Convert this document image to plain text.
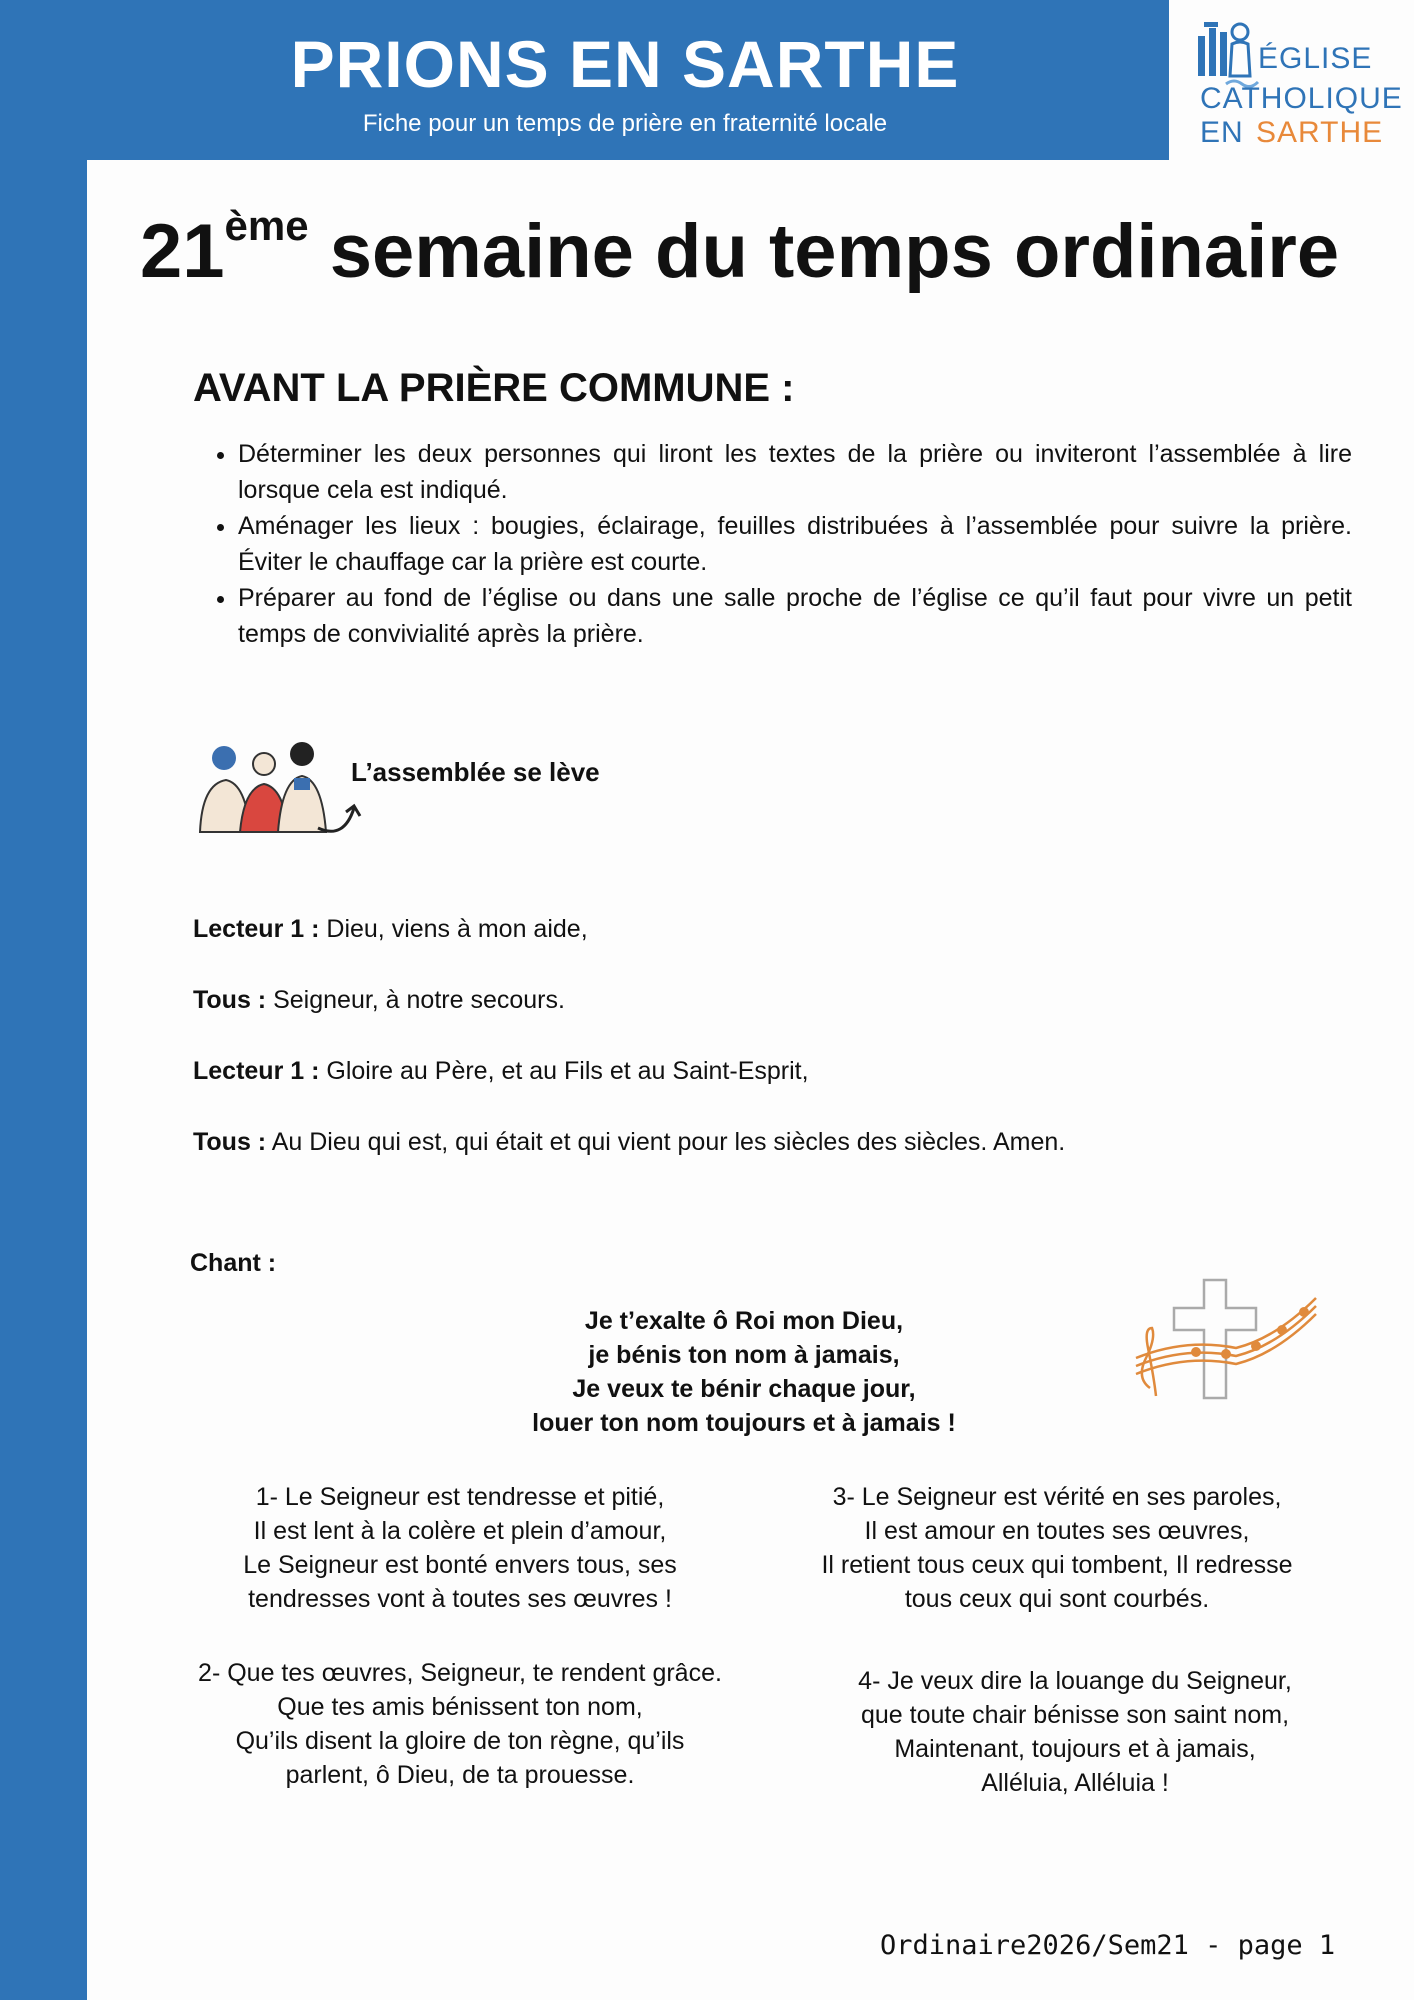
PRIONS EN SARTHE
Fiche pour un temps de prière en fraternité locale
ÉGLISE
CATHOLIQUE
EN SARTHE
21ème semaine du temps ordinaire
AVANT LA PRIÈRE COMMUNE :
• Déterminer les deux personnes qui liront les textes de la prière ou inviteront l’assemblée à lire lorsque cela est indiqué.
• Aménager les lieux : bougies, éclairage, feuilles distribuées à l’assemblée pour suivre la prière. Éviter le chauffage car la prière est courte.
• Préparer au fond de l’église ou dans une salle proche de l’église ce qu’il faut pour vivre un petit temps de convivialité après la prière.
L’assemblée se lève
Lecteur 1 : Dieu, viens à mon aide,
Tous : Seigneur, à notre secours.
Lecteur 1 : Gloire au Père, et au Fils et au Saint-Esprit,
Tous : Au Dieu qui est, qui était et qui vient pour les siècles des siècles. Amen.
Chant :
Je t’exalte ô Roi mon Dieu,
je bénis ton nom à jamais,
Je veux te bénir chaque jour,
louer ton nom toujours et à jamais !
1- Le Seigneur est tendresse et pitié,
Il est lent à la colère et plein d’amour,
Le Seigneur est bonté envers tous, ses
tendresses vont à toutes ses œuvres !
2- Que tes œuvres, Seigneur, te rendent grâce.
Que tes amis bénissent ton nom,
Qu’ils disent la gloire de ton règne, qu’ils
parlent, ô Dieu, de ta prouesse.
3- Le Seigneur est vérité en ses paroles,
Il est amour en toutes ses œuvres,
Il retient tous ceux qui tombent, Il redresse
tous ceux qui sont courbés.
4- Je veux dire la louange du Seigneur,
que toute chair bénisse son saint nom,
Maintenant, toujours et à jamais,
Alléluia, Alléluia !
Ordinaire2026/Sem21 - page 1
